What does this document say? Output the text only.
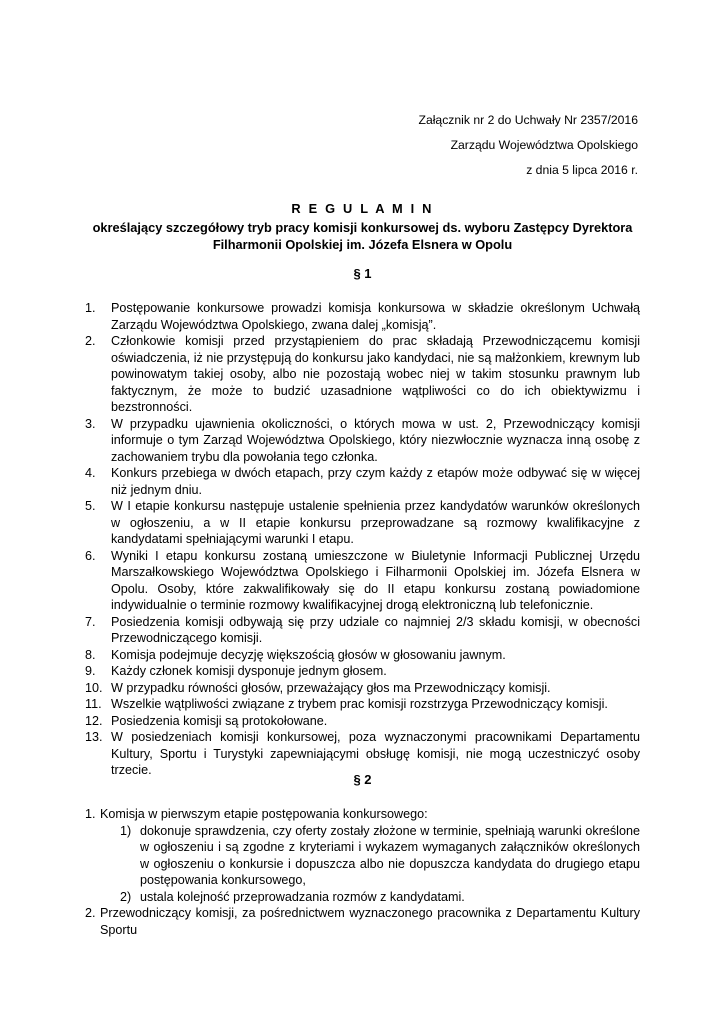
Załącznik nr 2 do Uchwały Nr 2357/2016
Zarządu Województwa Opolskiego
z dnia 5 lipca 2016 r.
R E G U L A M I N
określający szczegółowy tryb pracy komisji konkursowej ds. wyboru Zastępcy Dyrektora Filharmonii Opolskiej im. Józefa Elsnera w Opolu
§ 1
1. Postępowanie konkursowe prowadzi komisja konkursowa w składzie określonym Uchwałą Zarządu Województwa Opolskiego, zwana dalej „komisją”.
2. Członkowie komisji przed przystąpieniem do prac składają Przewodniczącemu komisji oświadczenia, iż nie przystępują do konkursu jako kandydaci, nie są małżonkiem, krewnym lub powinowatym takiej osoby, albo nie pozostają wobec niej w takim stosunku prawnym lub faktycznym, że może to budzić uzasadnione wątpliwości co do ich obiektywizmu i bezstronności.
3. W przypadku ujawnienia okoliczności, o których mowa w ust. 2, Przewodniczący komisji informuje o tym Zarząd Województwa Opolskiego, który niezwłocznie wyznacza inną osobę z zachowaniem trybu dla powołania tego członka.
4. Konkurs przebiega w dwóch etapach, przy czym każdy z etapów może odbywać się w więcej niż jednym dniu.
5. W I etapie konkursu następuje ustalenie spełnienia przez kandydatów warunków określonych w ogłoszeniu, a w II etapie konkursu przeprowadzane są rozmowy kwalifikacyjne z kandydatami spełniającymi warunki I etapu.
6. Wyniki I etapu konkursu zostaną umieszczone w Biuletynie Informacji Publicznej Urzędu Marszałkowskiego Województwa Opolskiego i Filharmonii Opolskiej im. Józefa Elsnera w Opolu. Osoby, które zakwalifikowały się do II etapu konkursu zostaną powiadomione indywidualnie o terminie rozmowy kwalifikacyjnej drogą elektroniczną lub telefonicznie.
7. Posiedzenia komisji odbywają się przy udziale co najmniej 2/3 składu komisji, w obecności Przewodniczącego komisji.
8. Komisja podejmuje decyzję większością głosów w głosowaniu jawnym.
9. Każdy członek komisji dysponuje jednym głosem.
10. W przypadku równości głosów, przeważający głos ma Przewodniczący komisji.
11. Wszelkie wątpliwości związane z trybem prac komisji rozstrzyga Przewodniczący komisji.
12. Posiedzenia komisji są protokołowane.
13. W posiedzeniach komisji konkursowej, poza wyznaczonymi pracownikami Departamentu Kultury, Sportu i Turystyki zapewniającymi obsługę komisji, nie mogą uczestniczyć osoby trzecie.
§ 2
1. Komisja w pierwszym etapie postępowania konkursowego:
1) dokonuje sprawdzenia, czy oferty zostały złożone w terminie, spełniają warunki określone w ogłoszeniu i są zgodne z kryteriami i wykazem wymaganych załączników określonych w ogłoszeniu o konkursie i dopuszcza albo nie dopuszcza kandydata do drugiego etapu postępowania konkursowego,
2) ustala kolejność przeprowadzania rozmów z kandydatami.
2. Przewodniczący komisji, za pośrednictwem wyznaczonego pracownika z Departamentu Kultury Sportu
